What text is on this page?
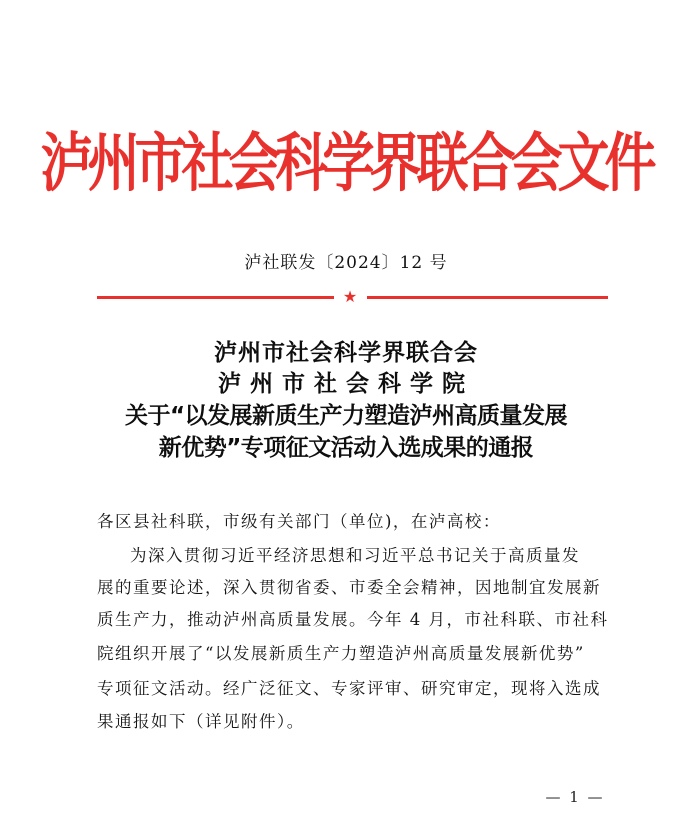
泸州市社会科学界联合会文件
泸社联发〔2024〕12 号
★
泸州市社会科学界联合会
泸州市社会科学院
关于“以发展新质生产力塑造泸州高质量发展
新优势”专项征文活动入选成果的通报
各区县社科联，市级有关部门（单位)，在泸高校：
为深入贯彻习近平经济思想和习近平总书记关于高质量发
展的重要论述，深入贯彻省委、市委全会精神，因地制宜发展新
质生产力，推动泸州高质量发展。今年 4 月，市社科联、市社科
院组织开展了“以发展新质生产力塑造泸州高质量发展新优势”
专项征文活动。经广泛征文、专家评审、研究审定，现将入选成
果通报如下（详见附件）。
— 1 —
